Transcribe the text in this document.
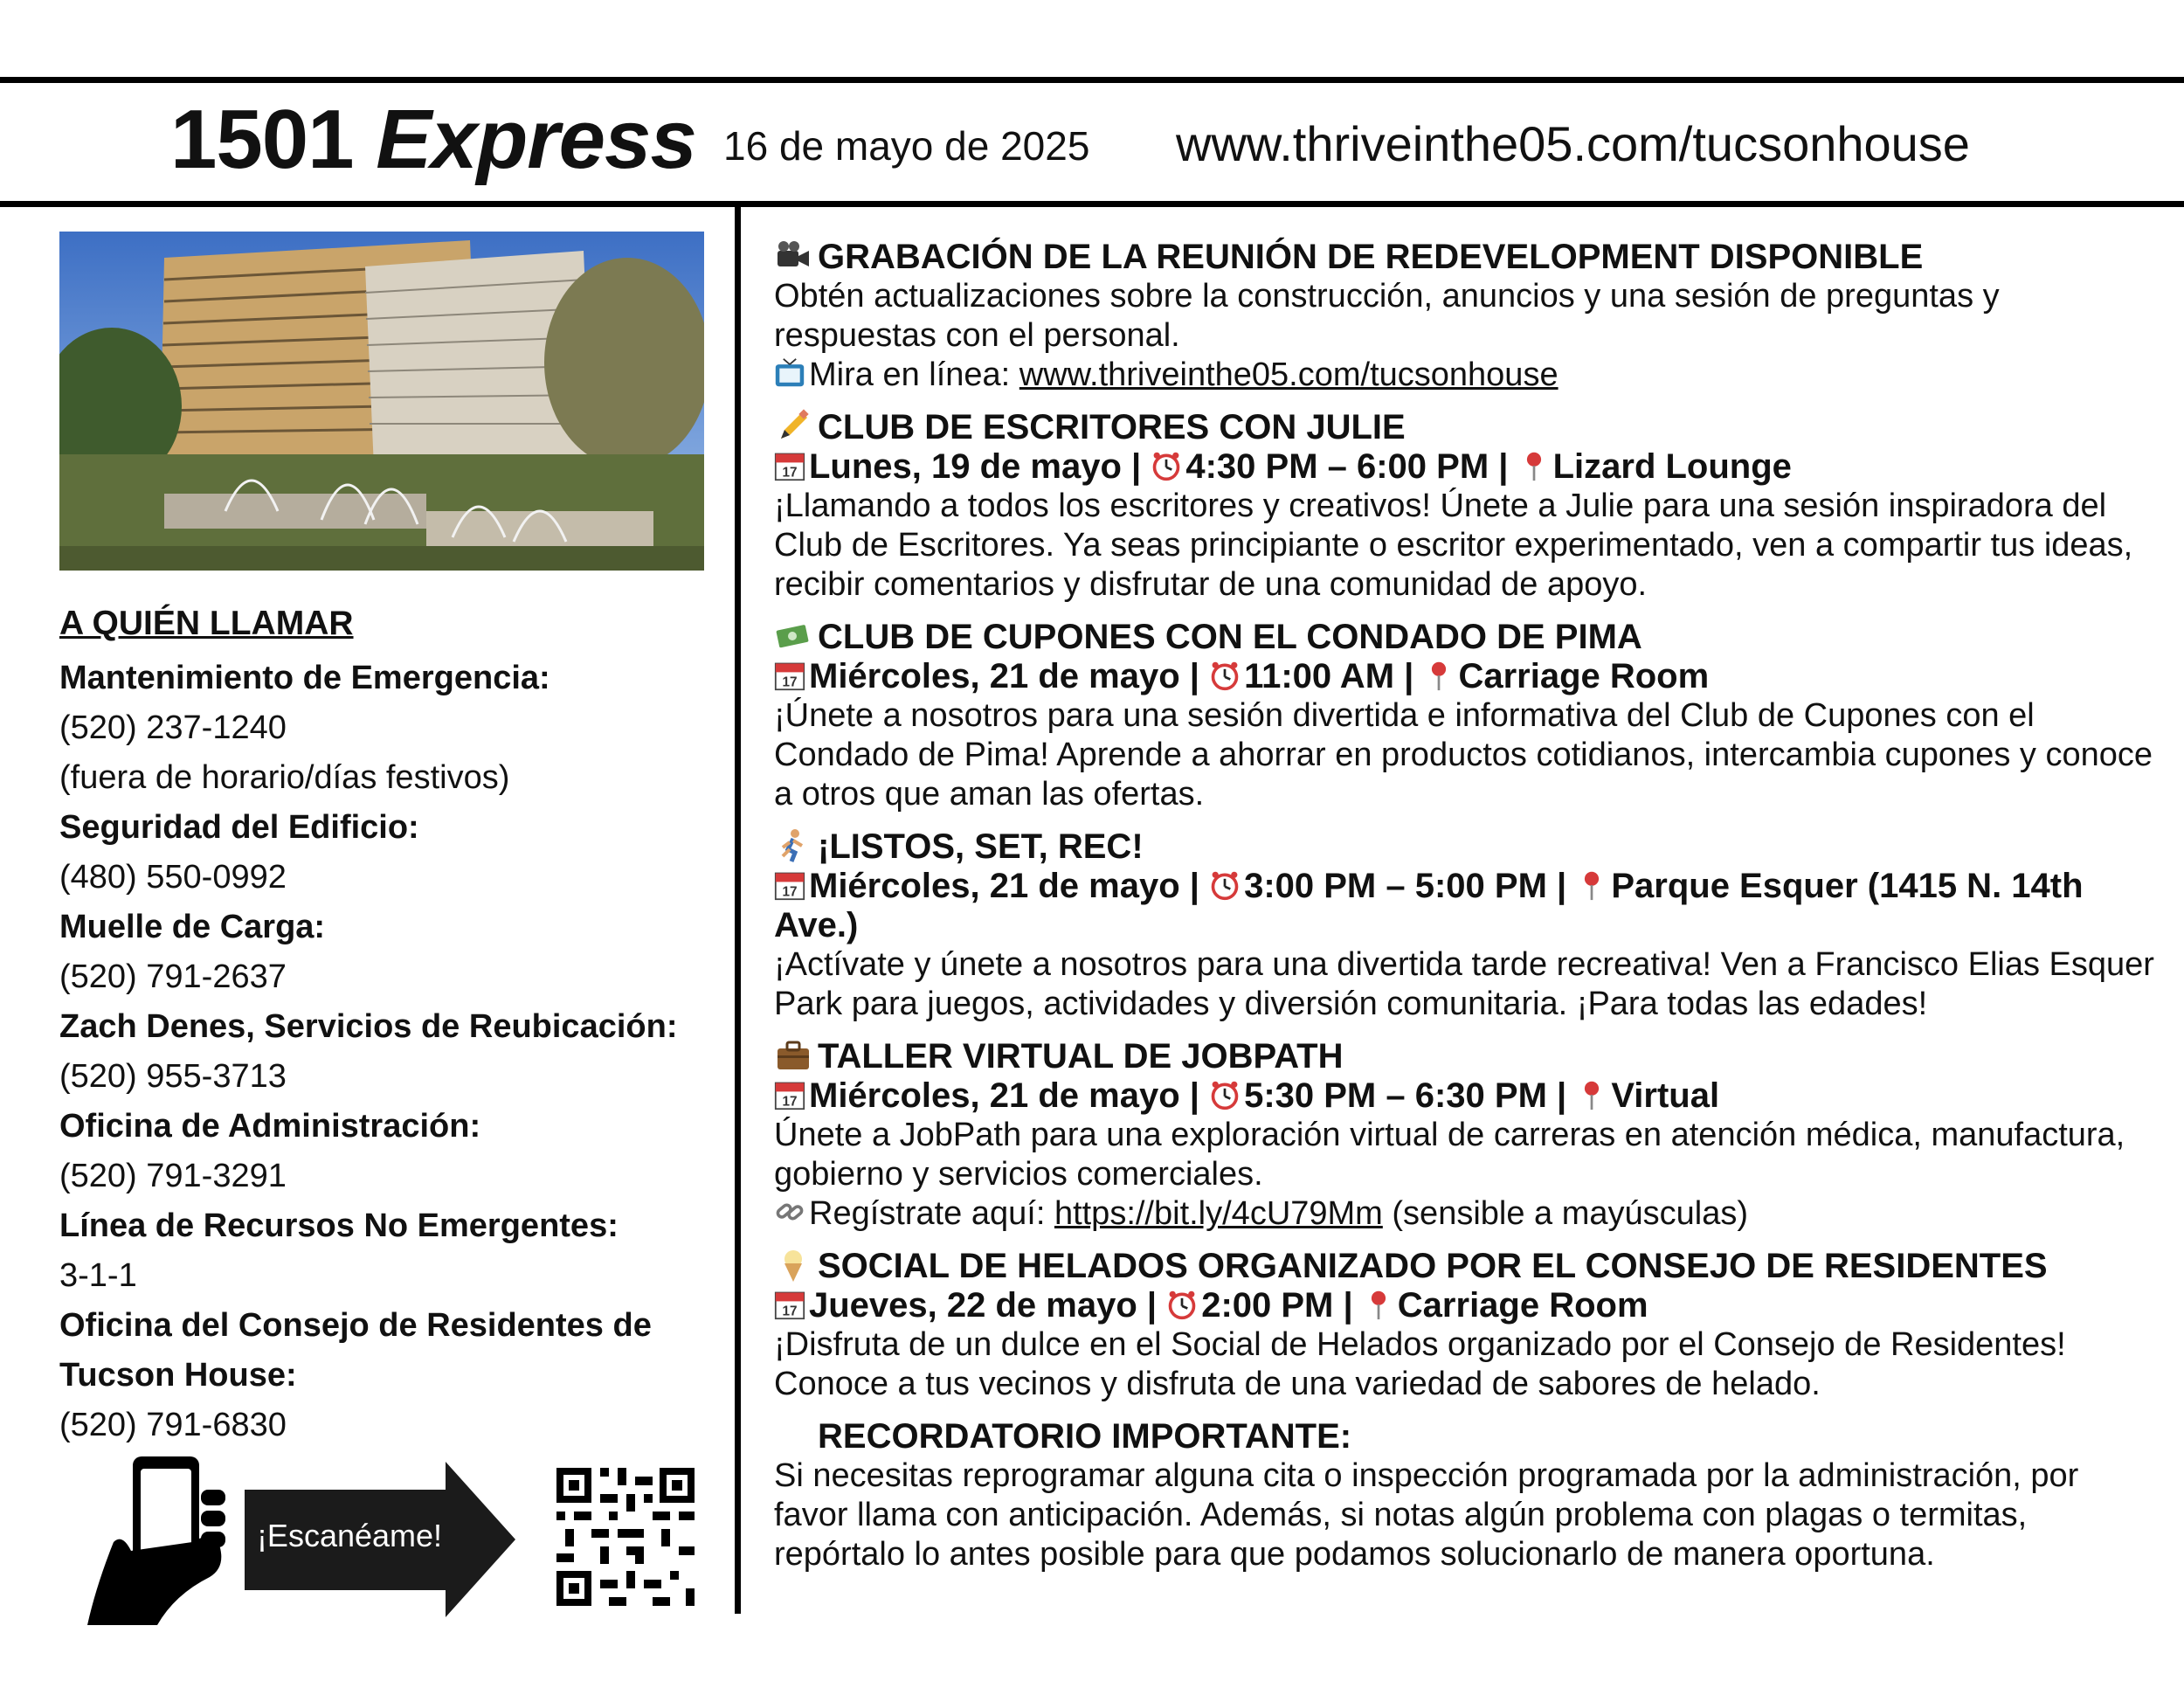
1501 Express 16 de mayo de 2025 www.thriveinthe05.com/tucsonhouse
A QUIÉN LLAMAR
Mantenimiento de Emergencia:
(520) 237-1240
(fuera de horario/días festivos)
Seguridad del Edificio:
(480) 550-0992
Muelle de Carga:
(520) 791-2637
Zach Denes, Servicios de Reubicación:
(520) 955-3713
Oficina de Administración:
(520) 791-3291
Línea de Recursos No Emergentes:
3-1-1
Oficina del Consejo de Residentes de Tucson House:
(520) 791-6830
¡Escanéame!
GRABACIÓN DE LA REUNIÓN DE REDEVELOPMENT DISPONIBLE
Obtén actualizaciones sobre la construcción, anuncios y una sesión de preguntas y respuestas con el personal.
Mira en línea: www.thriveinthe05.com/tucsonhouse
CLUB DE ESCRITORES CON JULIE
Lunes, 19 de mayo | 4:30 PM – 6:00 PM | Lizard Lounge
¡Llamando a todos los escritores y creativos! Únete a Julie para una sesión inspiradora del Club de Escritores. Ya seas principiante o escritor experimentado, ven a compartir tus ideas, recibir comentarios y disfrutar de una comunidad de apoyo.
CLUB DE CUPONES CON EL CONDADO DE PIMA
Miércoles, 21 de mayo | 11:00 AM | Carriage Room
¡Únete a nosotros para una sesión divertida e informativa del Club de Cupones con el Condado de Pima! Aprende a ahorrar en productos cotidianos, intercambia cupones y conoce a otros que aman las ofertas.
¡LISTOS, SET, REC!
Miércoles, 21 de mayo | 3:00 PM – 5:00 PM | Parque Esquer (1415 N. 14th Ave.)
¡Actívate y únete a nosotros para una divertida tarde recreativa! Ven a Francisco Elias Esquer Park para juegos, actividades y diversión comunitaria. ¡Para todas las edades!
TALLER VIRTUAL DE JOBPATH
Miércoles, 21 de mayo | 5:30 PM – 6:30 PM | Virtual
Únete a JobPath para una exploración virtual de carreras en atención médica, manufactura, gobierno y servicios comerciales.
Regístrate aquí: https://bit.ly/4cU79Mm (sensible a mayúsculas)
SOCIAL DE HELADOS ORGANIZADO POR EL CONSEJO DE RESIDENTES
Jueves, 22 de mayo | 2:00 PM | Carriage Room
¡Disfruta de un dulce en el Social de Helados organizado por el Consejo de Residentes! Conoce a tus vecinos y disfruta de una variedad de sabores de helado.
RECORDATORIO IMPORTANTE:
Si necesitas reprogramar alguna cita o inspección programada por la administración, por favor llama con anticipación. Además, si notas algún problema con plagas o termitas, repórtalo lo antes posible para que podamos solucionarlo de manera oportuna.
